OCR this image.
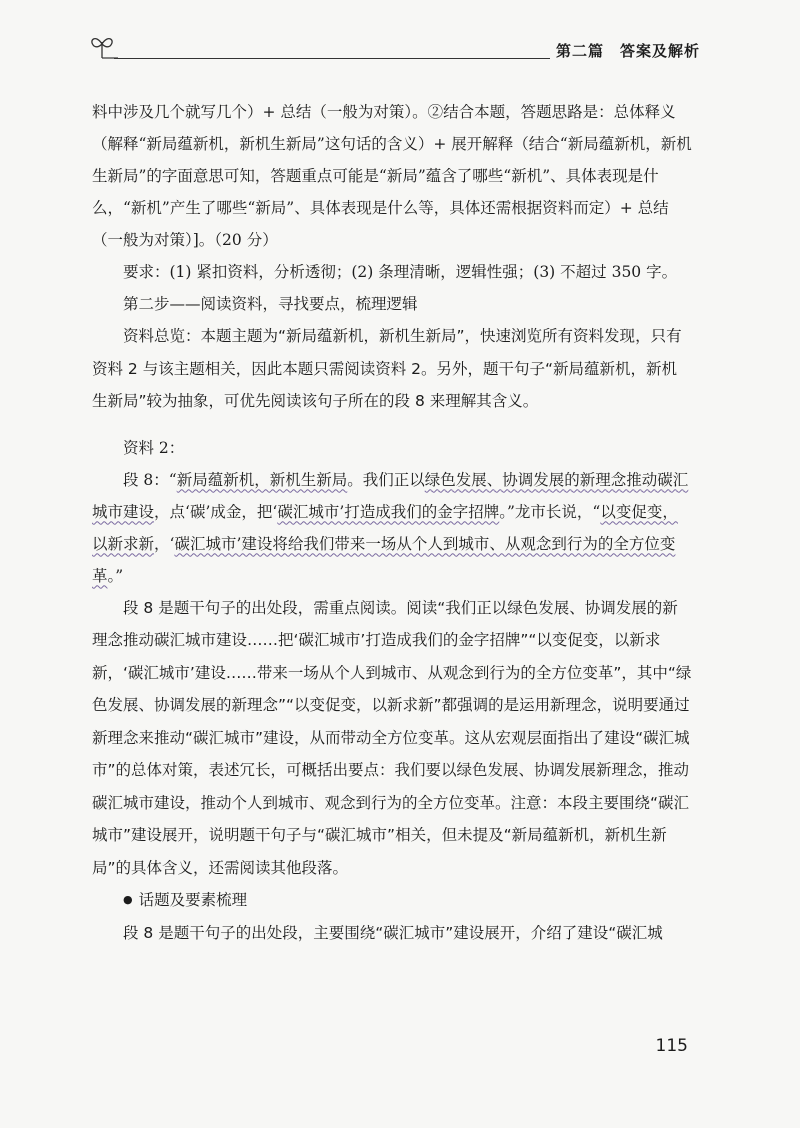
第二篇　答案及解析

料中涉及几个就写几个）+ 总结（一般为对策）。②结合本题，答题思路是：总体释义（解释“新局蕴新机，新机生新局”这句话的含义）+ 展开解释（结合“新局蕴新机，新机生新局”的字面意思可知，答题重点可能是“新局”蕴含了哪些“新机”、具体表现是什么，“新机”产生了哪些“新局”、具体表现是什么等，具体还需根据资料而定）+ 总结（一般为对策）]。（20 分）

要求：(1) 紧扣资料，分析透彻；(2) 条理清晰，逻辑性强；(3) 不超过 350 字。

第二步——阅读资料，寻找要点，梳理逻辑

资料总览：本题主题为“新局蕴新机，新机生新局”，快速浏览所有资料发现，只有资料 2 与该主题相关，因此本题只需阅读资料 2。另外，题干句子“新局蕴新机，新机生新局”较为抽象，可优先阅读该句子所在的段 8 来理解其含义。

资料 2：

段 8：“新局蕴新机，新机生新局。我们正以绿色发展、协调发展的新理念推动碳汇城市建设，点‘碳’成金，把‘碳汇城市’打造成我们的金字招牌。”龙市长说，“以变促变，以新求新，‘碳汇城市’建设将给我们带来一场从个人到城市、从观念到行为的全方位变革。”

段 8 是题干句子的出处段，需重点阅读。阅读“我们正以绿色发展、协调发展的新理念推动碳汇城市建设……把‘碳汇城市’打造成我们的金字招牌”“以变促变，以新求新，‘碳汇城市’建设……带来一场从个人到城市、从观念到行为的全方位变革”，其中“绿色发展、协调发展的新理念”“以变促变，以新求新”都强调的是运用新理念，说明要通过新理念来推动“碳汇城市”建设，从而带动全方位变革。这从宏观层面指出了建设“碳汇城市”的总体对策，表述冗长，可概括出要点：我们要以绿色发展、协调发展新理念，推动碳汇城市建设，推动个人到城市、观念到行为的全方位变革。注意：本段主要围绕“碳汇城市”建设展开，说明题干句子与“碳汇城市”相关，但未提及“新局蕴新机，新机生新局”的具体含义，还需阅读其他段落。

● 话题及要素梳理

段 8 是题干句子的出处段，主要围绕“碳汇城市”建设展开，介绍了建设“碳汇城

115
